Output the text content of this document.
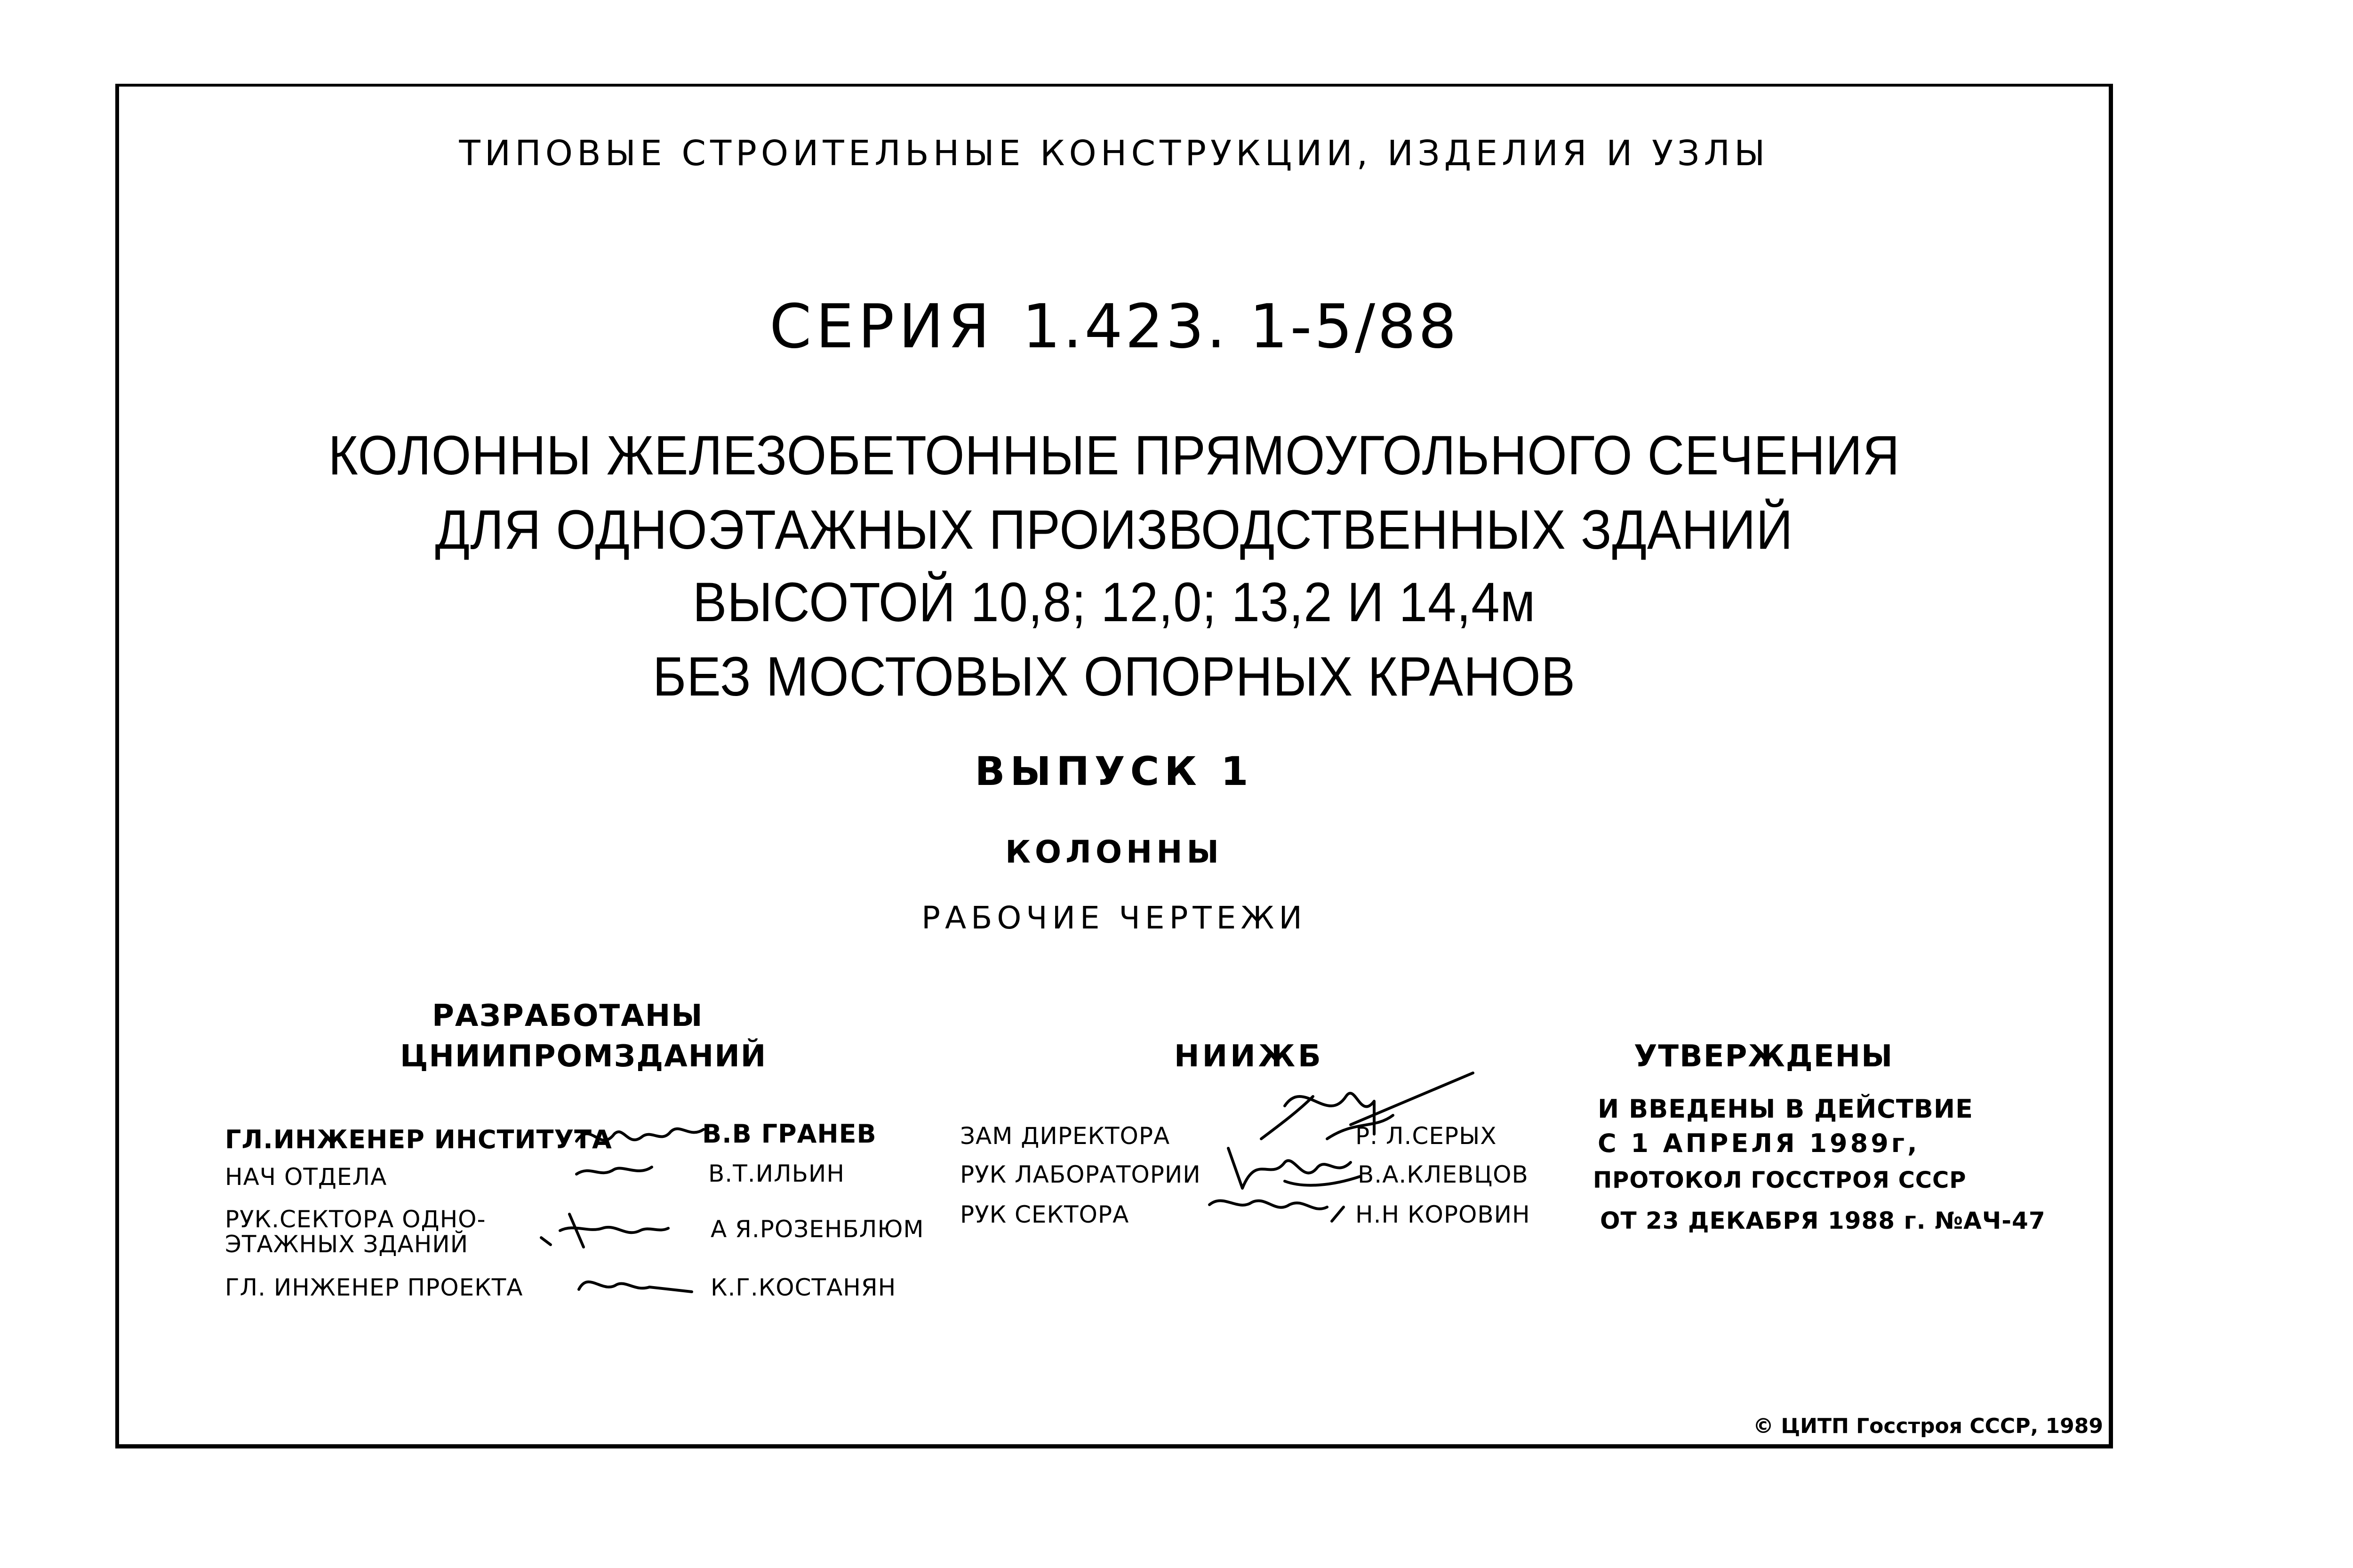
ТИПОВЫЕ СТРОИТЕЛЬНЫЕ КОНСТРУКЦИИ, ИЗДЕЛИЯ И УЗЛЫ
СЕРИЯ 1.423. 1-5/88
КОЛОННЫ ЖЕЛЕЗОБЕТОННЫЕ ПРЯМОУГОЛЬНОГО СЕЧЕНИЯ
ДЛЯ ОДНОЭТАЖНЫХ ПРОИЗВОДСТВЕННЫХ ЗДАНИЙ
ВЫСОТОЙ 10,8; 12,0; 13,2 И 14,4м
БЕЗ МОСТОВЫХ ОПОРНЫХ КРАНОВ
ВЫПУСК 1
КОЛОННЫ
РАБОЧИЕ ЧЕРТЕЖИ
РАЗРАБОТАНЫ
ЦНИИПРОМЗДАНИЙ
ГЛ.ИНЖЕНЕР ИНСТИТУТА	В.В ГРАНЕВ
НАЧ ОТДЕЛА	В.Т.ИЛЬИН
РУК.СЕКТОРА ОДНО-
ЭТАЖНЫХ ЗДАНИЙ
А Я.РОЗЕНБЛЮМ
ГЛ. ИНЖЕНЕР ПРОЕКТА	К.Г.КОСТАНЯН
НИИЖБ
ЗАМ ДИРЕКТОРА	Р. Л.СЕРЫХ
РУК ЛАБОРАТОРИИ	В.А.КЛЕВЦОВ
РУК СЕКТОРА	Н.Н КОРОВИН
УТВЕРЖДЕНЫ
И ВВЕДЕНЫ В ДЕЙСТВИЕ
С 1 АПРЕЛЯ 1989г,
ПРОТОКОЛ ГОССТРОЯ СССР
ОТ 23 ДЕКАБРЯ 1988 г. №АЧ-47
© ЦИТП Госстроя СССР, 1989
